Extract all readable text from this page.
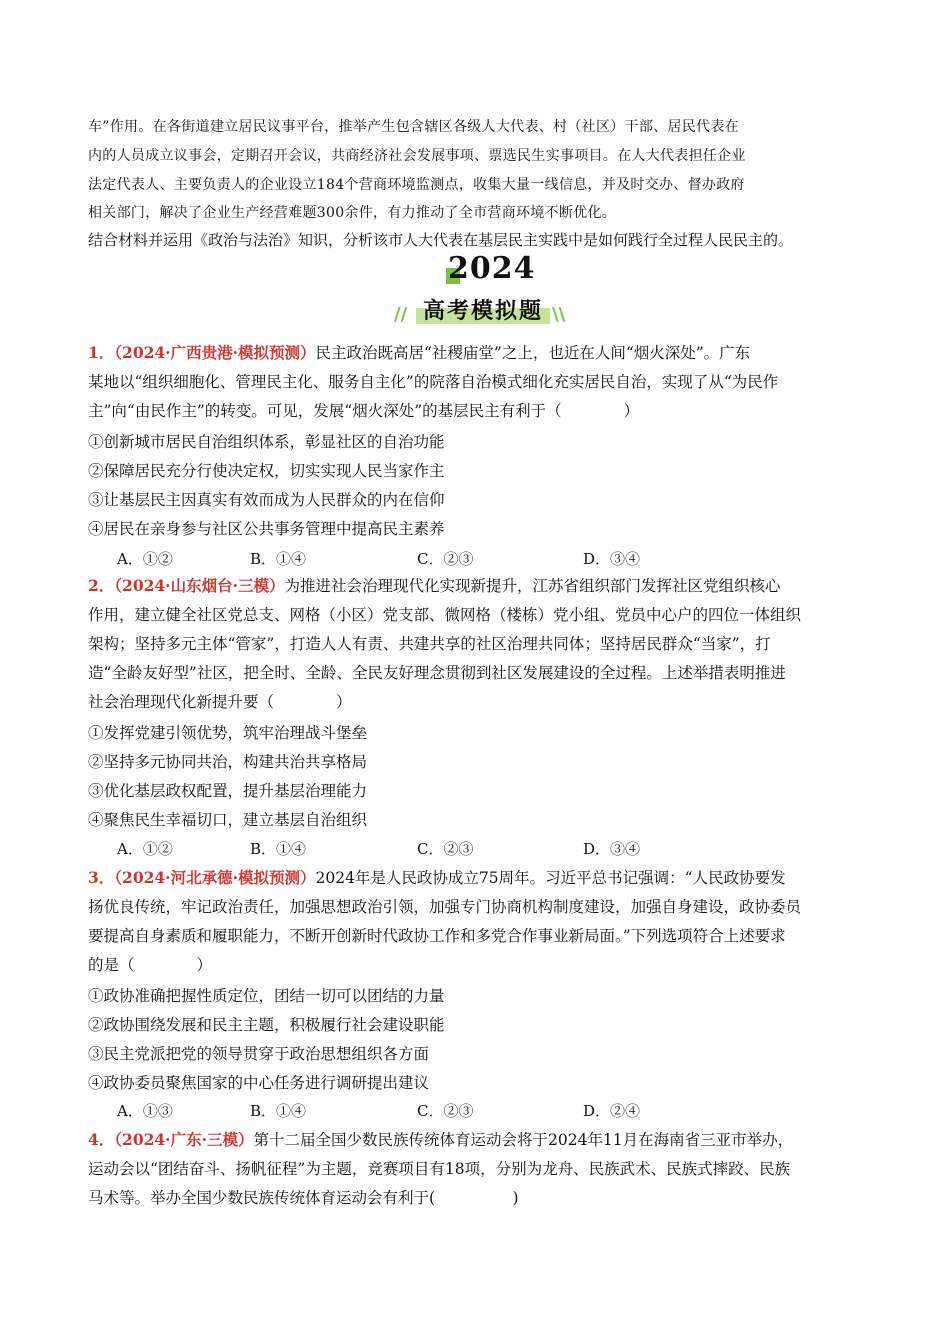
车”作用。在各街道建立居民议事平台，推举产生包含辖区各级人大代表、村（社区）干部、居民代表在
内的人员成立议事会，定期召开会议，共商经济社会发展事项、票选民生实事项目。在人大代表担任企业
法定代表人、主要负责人的企业设立184个营商环境监测点，收集大量一线信息，并及时交办、督办政府
相关部门，解决了企业生产经营难题300余件，有力推动了全市营商环境不断优化。
结合材料并运用《政治与法治》知识，分析该市人大代表在基层民主实践中是如何践行全过程人民民主的。
2024
// 高考模拟题 \\
1．（2024·广西贵港·模拟预测）民主政治既高居“社稷庙堂”之上，也近在人间“烟火深处”。广东
某地以“组织细胞化、管理民主化、服务自主化”的院落自治模式细化充实居民自治，实现了从“为民作
主”向“由民作主”的转变。可见，发展“烟火深处”的基层民主有利于（　　　　）
①创新城市居民自治组织体系，彰显社区的自治功能
②保障居民充分行使决定权，切实实现人民当家作主
③让基层民主因真实有效而成为人民群众的内在信仰
④居民在亲身参与社区公共事务管理中提高民主素养
A．①②	B．①④	C．②③	D．③④
2．（2024·山东烟台·三模）为推进社会治理现代化实现新提升，江苏省组织部门发挥社区党组织核心
作用，建立健全社区党总支、网格（小区）党支部、微网格（楼栋）党小组、党员中心户的四位一体组织
架构；坚持多元主体“管家”，打造人人有责、共建共享的社区治理共同体；坚持居民群众“当家”，打
造“全龄友好型”社区，把全时、全龄、全民友好理念贯彻到社区发展建设的全过程。上述举措表明推进
社会治理现代化新提升要（　　　　）
①发挥党建引领优势，筑牢治理战斗堡垒
②坚持多元协同共治，构建共治共享格局
③优化基层政权配置，提升基层治理能力
④聚焦民生幸福切口，建立基层自治组织
A．①②	B．①④	C．②③	D．③④
3．（2024·河北承德·模拟预测）2024年是人民政协成立75周年。习近平总书记强调：“人民政协要发
扬优良传统，牢记政治责任，加强思想政治引领，加强专门协商机构制度建设，加强自身建设，政协委员
要提高自身素质和履职能力，不断开创新时代政协工作和多党合作事业新局面。”下列选项符合上述要求
的是（　　　　）
①政协准确把握性质定位，团结一切可以团结的力量
②政协围绕发展和民主主题，积极履行社会建设职能
③民主党派把党的领导贯穿于政治思想组织各方面
④政协委员聚焦国家的中心任务进行调研提出建议
A．①③	B．①④	C．②③	D．②④
4．（2024·广东·三模）第十二届全国少数民族传统体育运动会将于2024年11月在海南省三亚市举办，
运动会以“团结奋斗、扬帆征程”为主题，竞赛项目有18项，分别为龙舟、民族武术、民族式摔跤、民族
马术等。举办全国少数民族传统体育运动会有利于(　　　　　)
